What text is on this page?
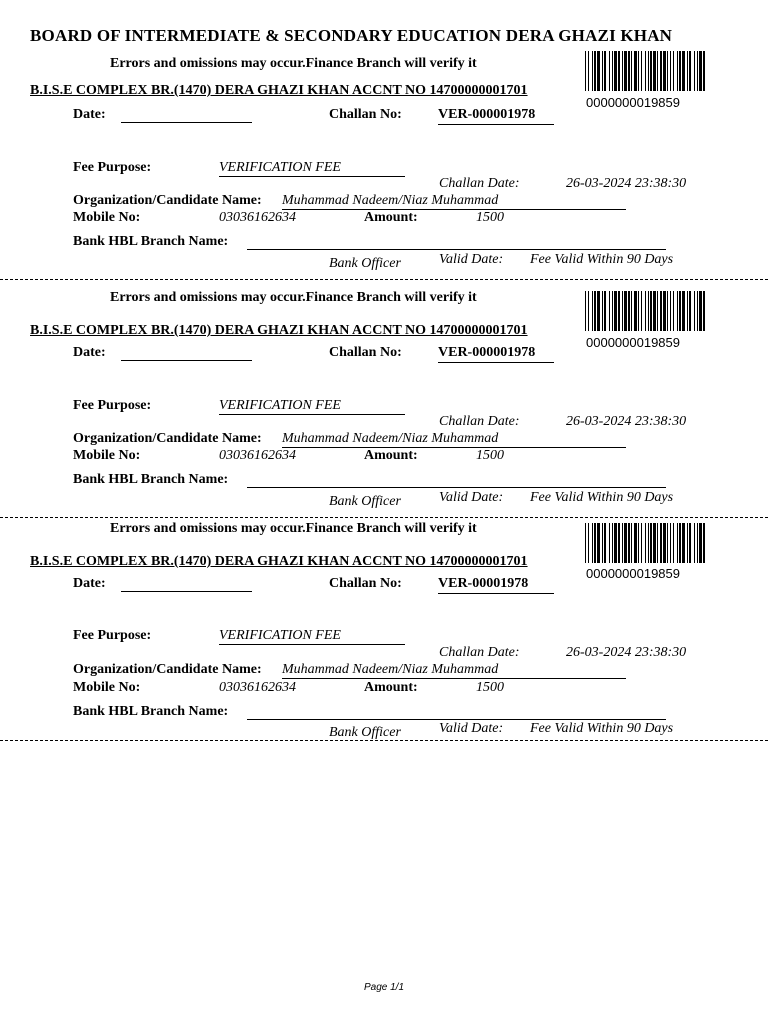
BOARD OF INTERMEDIATE & SECONDARY EDUCATION DERA GHAZI KHAN
Errors and omissions may occur.Finance Branch will verify it
0000000019859
B.I.S.E COMPLEX BR.(1470) DERA GHAZI KHAN ACCNT NO 14700000001701
Date:	Challan No:	VER-000001978
Fee Purpose:	VERIFICATION FEE
Challan Date:	26-03-2024 23:38:30
Organization/Candidate Name: Muhammad Nadeem/Niaz Muhammad
Mobile No:	03036162634	Amount:	1500
Bank HBL Branch Name:
Bank Officer	Valid Date: Fee Valid Within 90 Days
Errors and omissions may occur.Finance Branch will verify it
0000000019859
B.I.S.E COMPLEX BR.(1470) DERA GHAZI KHAN ACCNT NO 14700000001701
Date:	Challan No:	VER-000001978
Fee Purpose:	VERIFICATION FEE
Challan Date:	26-03-2024 23:38:30
Organization/Candidate Name: Muhammad Nadeem/Niaz Muhammad
Mobile No:	03036162634	Amount:	1500
Bank HBL Branch Name:
Bank Officer	Valid Date: Fee Valid Within 90 Days
Errors and omissions may occur.Finance Branch will verify it
0000000019859
B.I.S.E COMPLEX BR.(1470) DERA GHAZI KHAN ACCNT NO 14700000001701
Date:	Challan No:	VER-00001978
Fee Purpose:	VERIFICATION FEE
Challan Date:	26-03-2024 23:38:30
Organization/Candidate Name: Muhammad Nadeem/Niaz Muhammad
Mobile No:	03036162634	Amount:	1500
Bank HBL Branch Name:
Bank Officer	Valid Date: Fee Valid Within 90 Days
Page 1/1
